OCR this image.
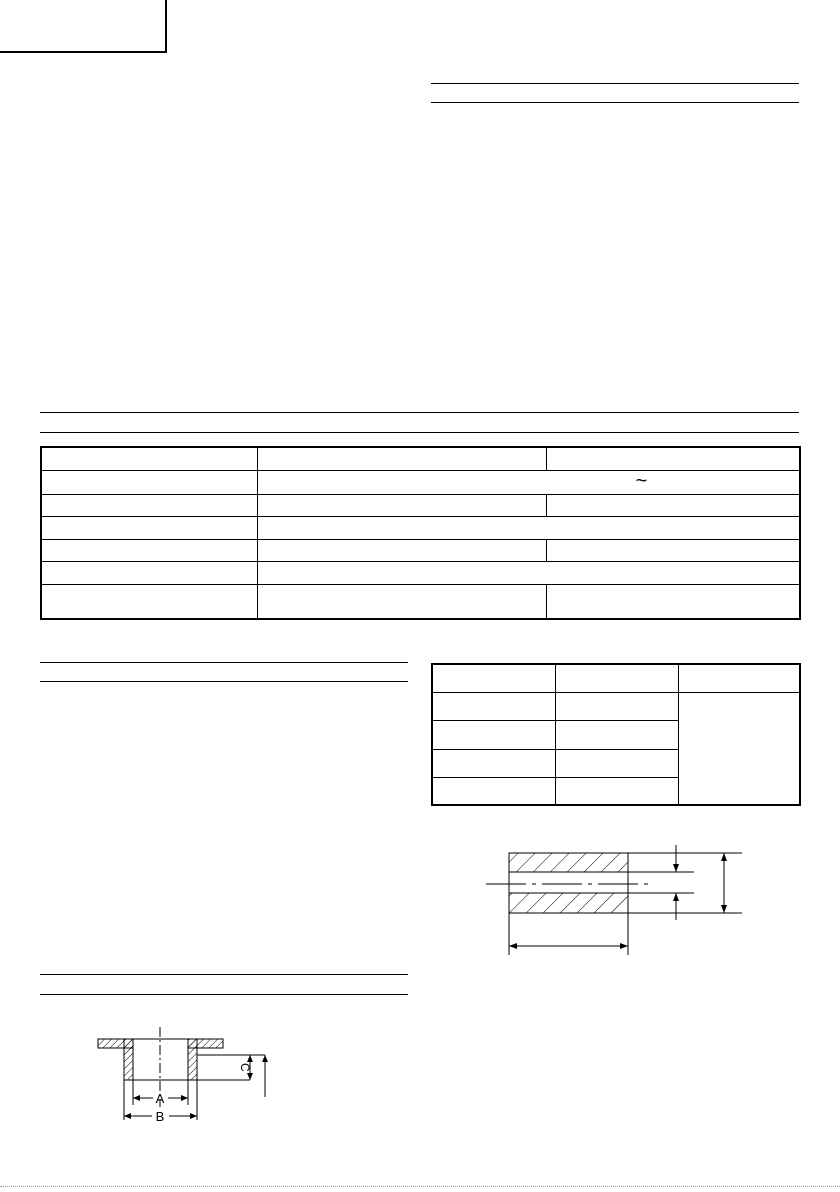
	~	

C
A
B
